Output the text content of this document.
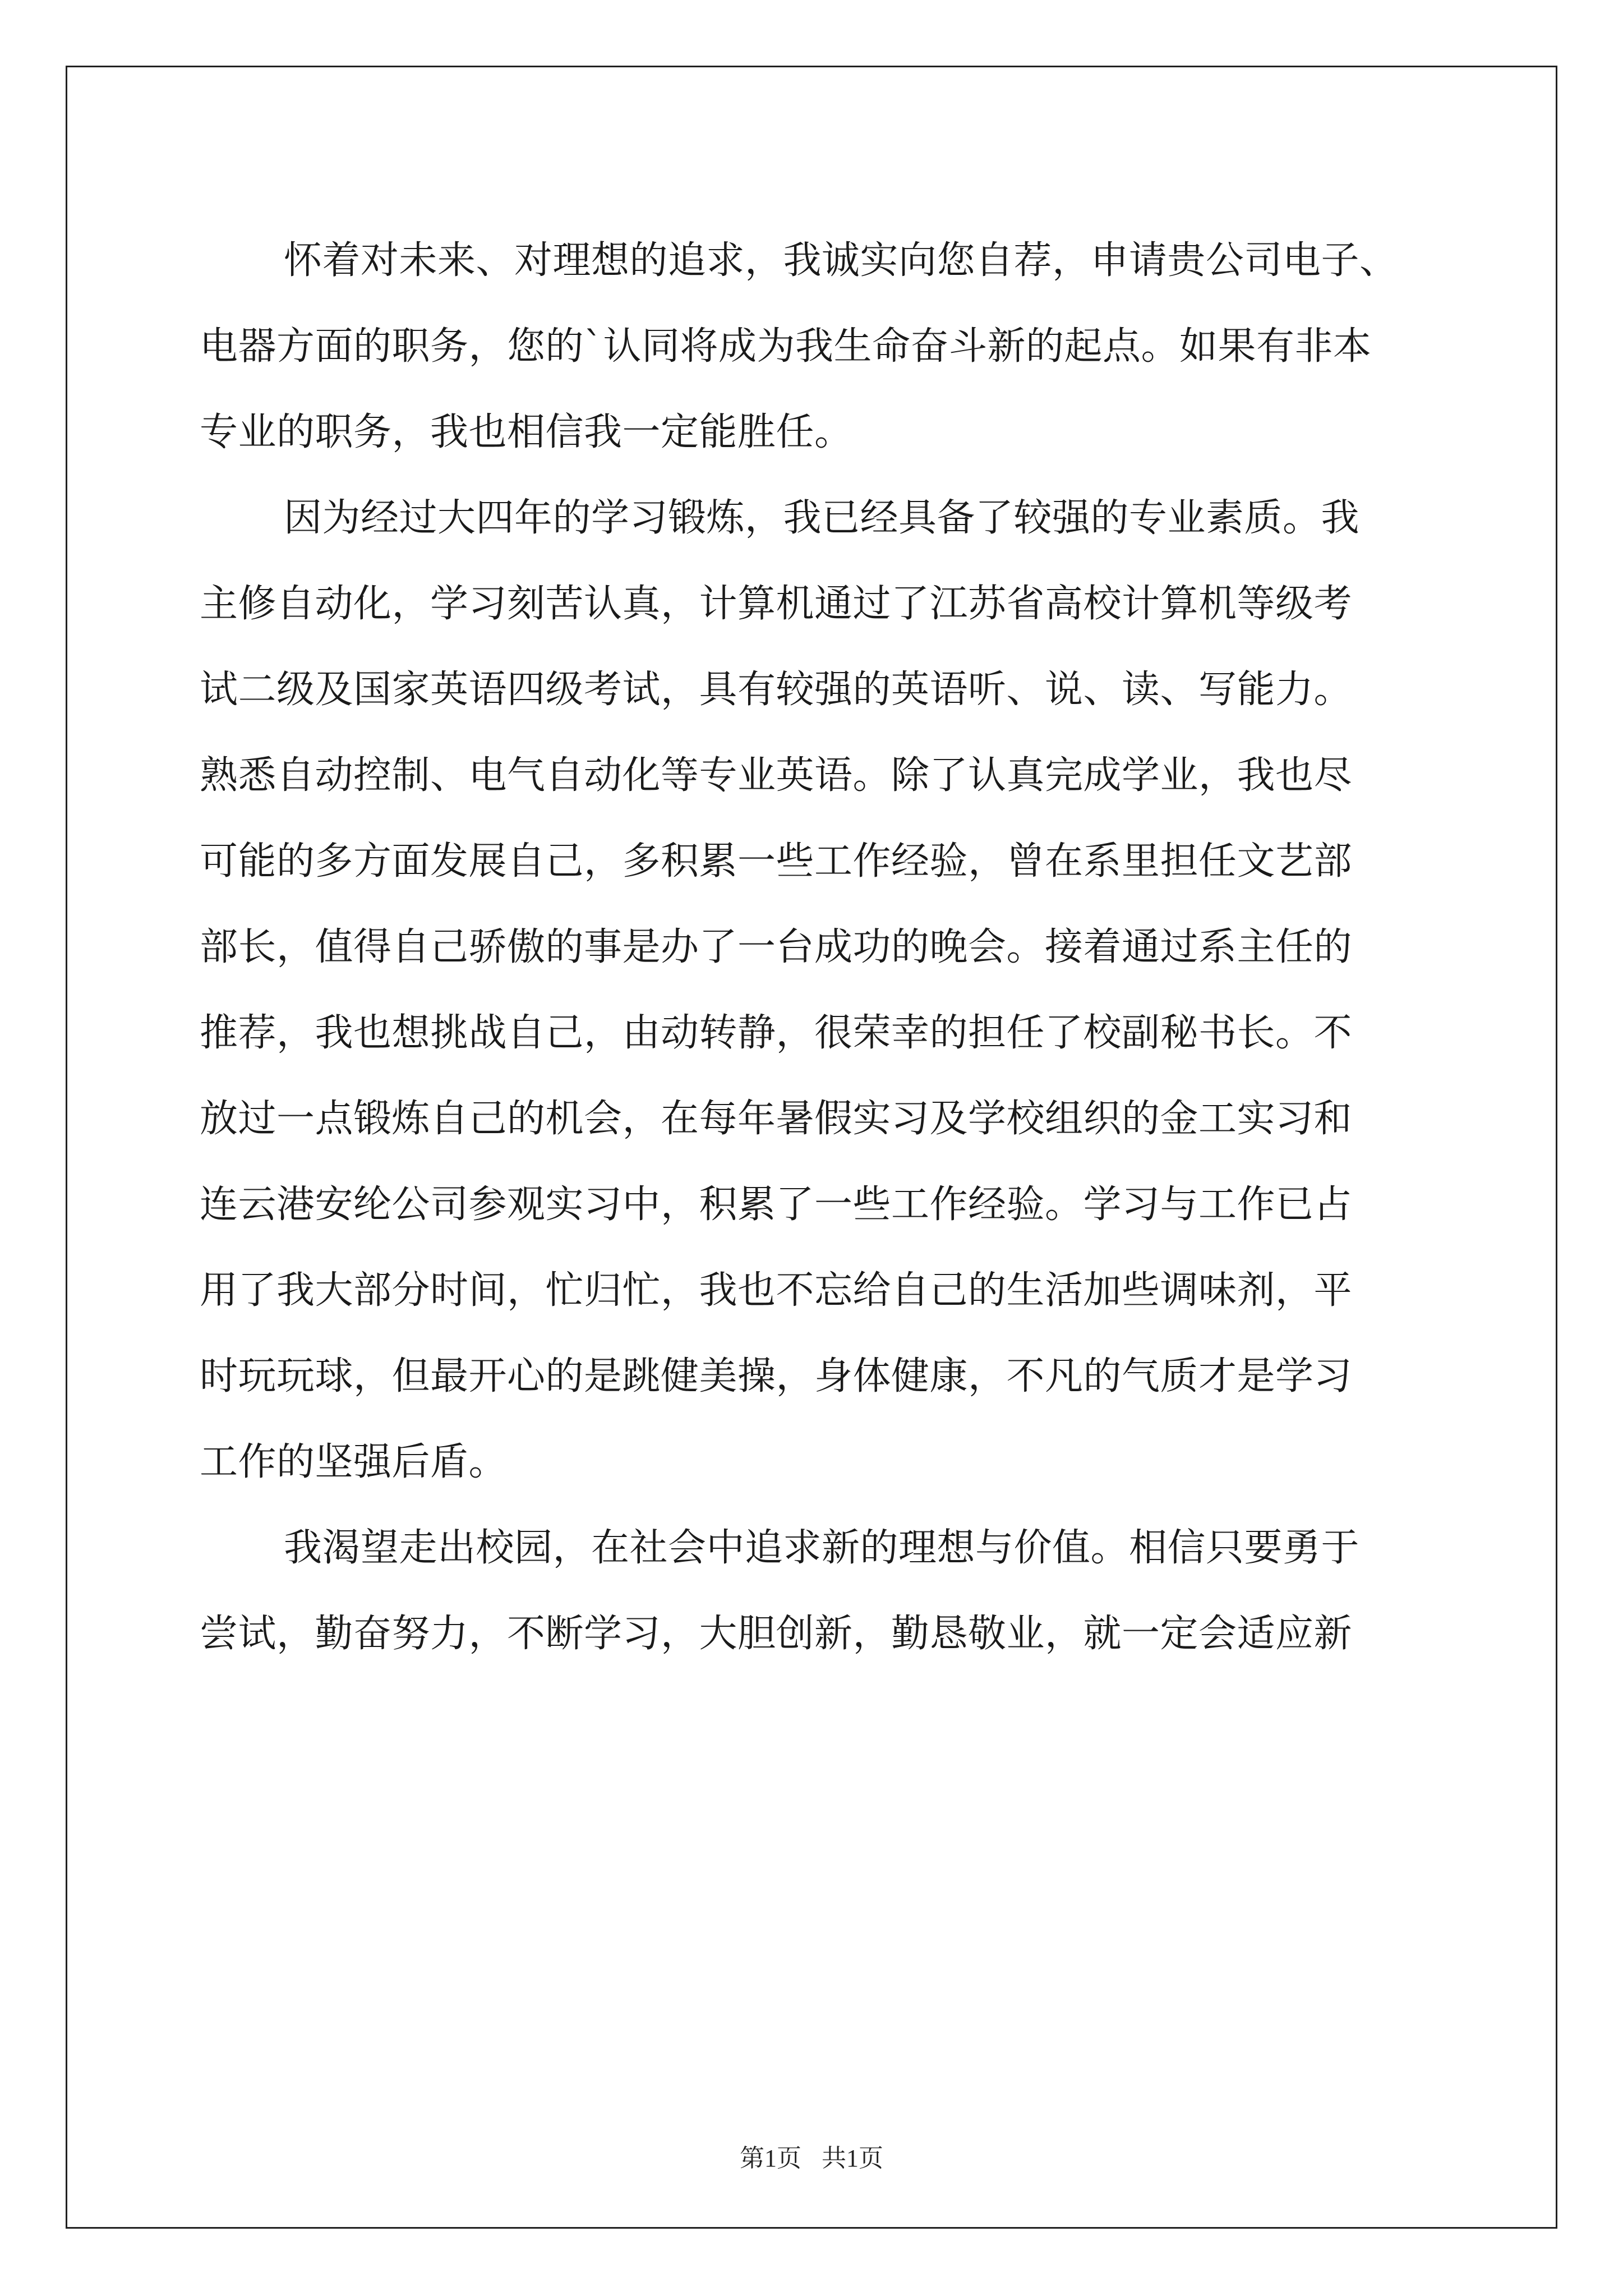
怀着对未来、对理想的追求，我诚实向您自荐，申请贵公司电子、
电器方面的职务，您的`认同将成为我生命奋斗新的起点。如果有非本
专业的职务，我也相信我一定能胜任。
因为经过大四年的学习锻炼，我已经具备了较强的专业素质。我
主修自动化，学习刻苦认真，计算机通过了江苏省高校计算机等级考
试二级及国家英语四级考试，具有较强的英语听、说、读、写能力。
熟悉自动控制、电气自动化等专业英语。除了认真完成学业，我也尽
可能的多方面发展自己，多积累一些工作经验，曾在系里担任文艺部
部长，值得自己骄傲的事是办了一台成功的晚会。接着通过系主任的
推荐，我也想挑战自己，由动转静，很荣幸的担任了校副秘书长。不
放过一点锻炼自己的机会，在每年暑假实习及学校组织的金工实习和
连云港安纶公司参观实习中，积累了一些工作经验。学习与工作已占
用了我大部分时间，忙归忙，我也不忘给自己的生活加些调味剂，平
时玩玩球，但最开心的是跳健美操，身体健康，不凡的气质才是学习
工作的坚强后盾。
我渴望走出校园，在社会中追求新的理想与价值。相信只要勇于
尝试，勤奋努力，不断学习，大胆创新，勤恳敬业，就一定会适应新
第1页 共1页
